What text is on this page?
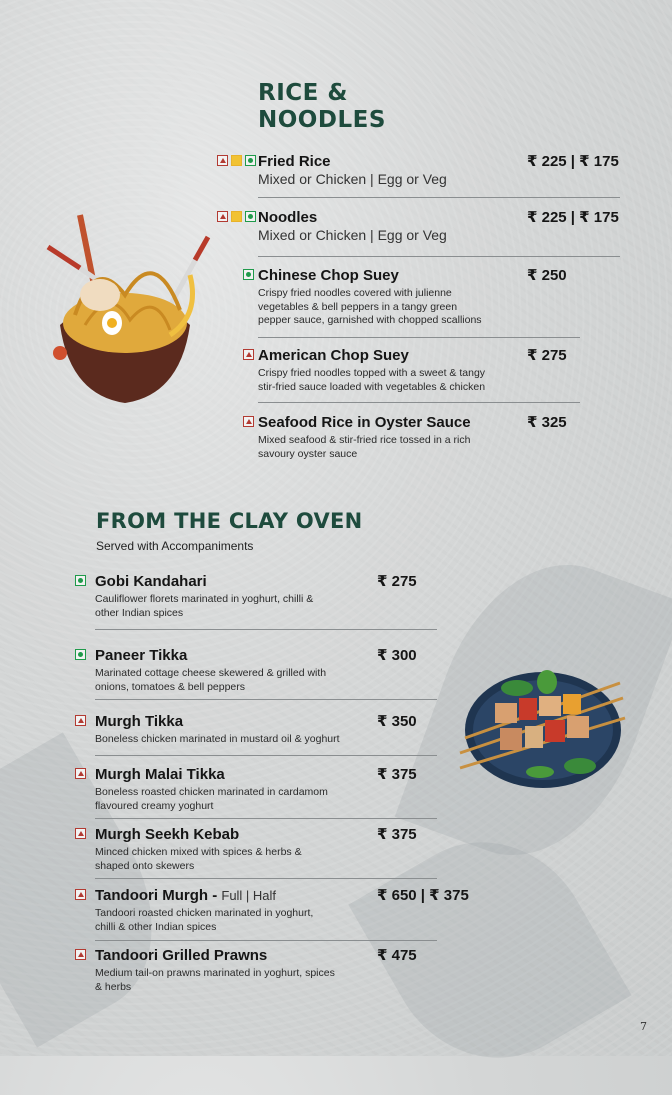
RICE &
NOODLES
FROM THE CLAY OVEN
Served with Accompaniments
Fried Rice	₹ 225 | ₹ 175
Mixed or Chicken | Egg or Veg
Noodles	₹ 225 | ₹ 175
Mixed or Chicken | Egg or Veg
Chinese Chop Suey	₹ 250
Crispy fried noodles covered with julienne
vegetables & bell peppers in a tangy green
pepper sauce, garnished with chopped scallions
American Chop Suey	₹ 275
Crispy fried noodles topped with a sweet & tangy
stir-fried sauce loaded with vegetables & chicken
Seafood Rice in Oyster Sauce	₹ 325
Mixed seafood & stir-fried rice tossed in a rich
savoury oyster sauce
Gobi Kandahari	₹ 275
Cauliflower florets marinated in yoghurt, chilli &
other Indian spices
Paneer Tikka	₹ 300
Marinated cottage cheese skewered & grilled with
onions, tomatoes & bell peppers
Murgh Tikka	₹ 350
Boneless chicken marinated in mustard oil & yoghurt
Murgh Malai Tikka	₹ 375
Boneless roasted chicken marinated in cardamom
flavoured creamy yoghurt
Murgh Seekh Kebab	₹ 375
Minced chicken mixed with spices & herbs &
shaped onto skewers
Tandoori Murgh - Full | Half	₹ 650 | ₹ 375
Tandoori roasted chicken marinated in yoghurt,
chilli & other Indian spices
Tandoori Grilled Prawns	₹ 475
Medium tail-on prawns marinated in yoghurt, spices
& herbs
7
